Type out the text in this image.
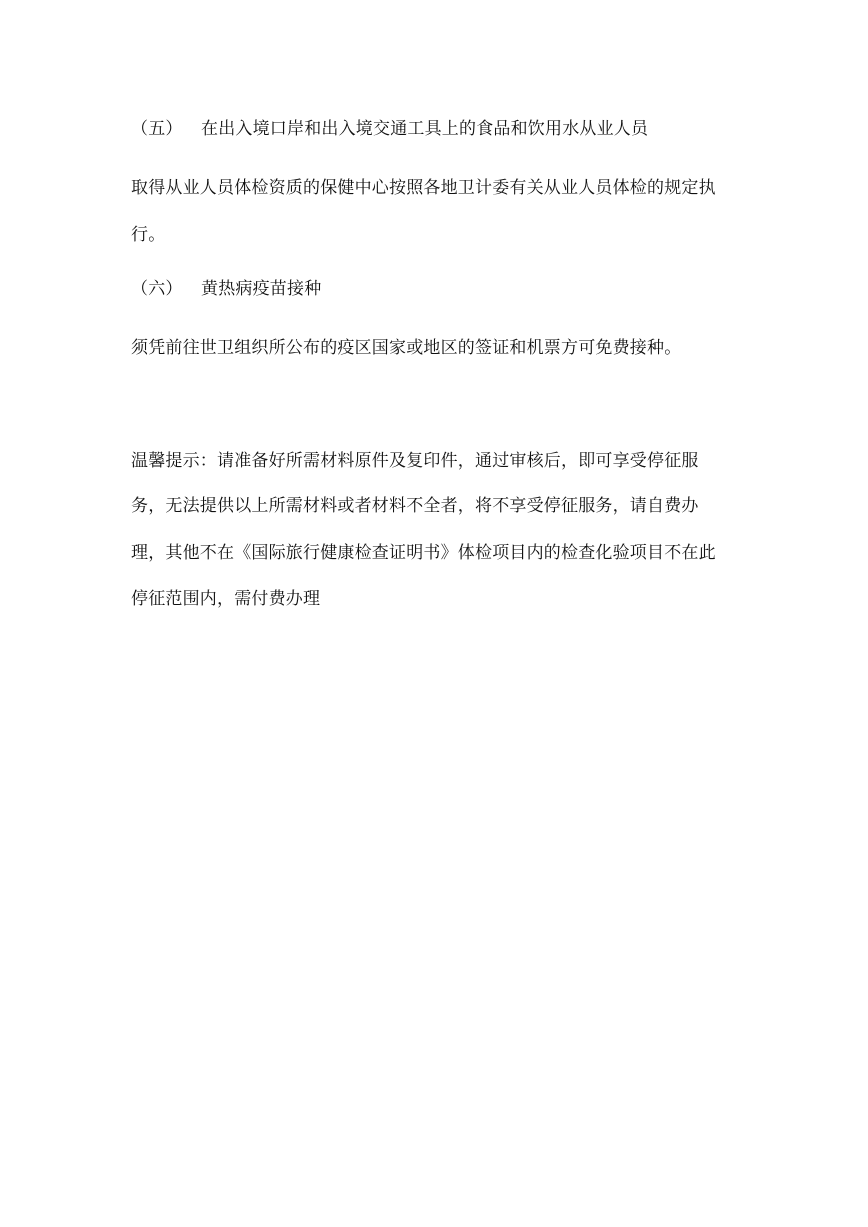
（五） 在出入境口岸和出入境交通工具上的食品和饮用水从业人员
取得从业人员体检资质的保健中心按照各地卫计委有关从业人员体检的规定执
行。
（六） 黄热病疫苗接种
须凭前往世卫组织所公布的疫区国家或地区的签证和机票方可免费接种。
温馨提示：请准备好所需材料原件及复印件，通过审核后，即可享受停征服
务，无法提供以上所需材料或者材料不全者，将不享受停征服务，请自费办
理，其他不在《国际旅行健康检查证明书》体检项目内的检查化验项目不在此
停征范围内，需付费办理
